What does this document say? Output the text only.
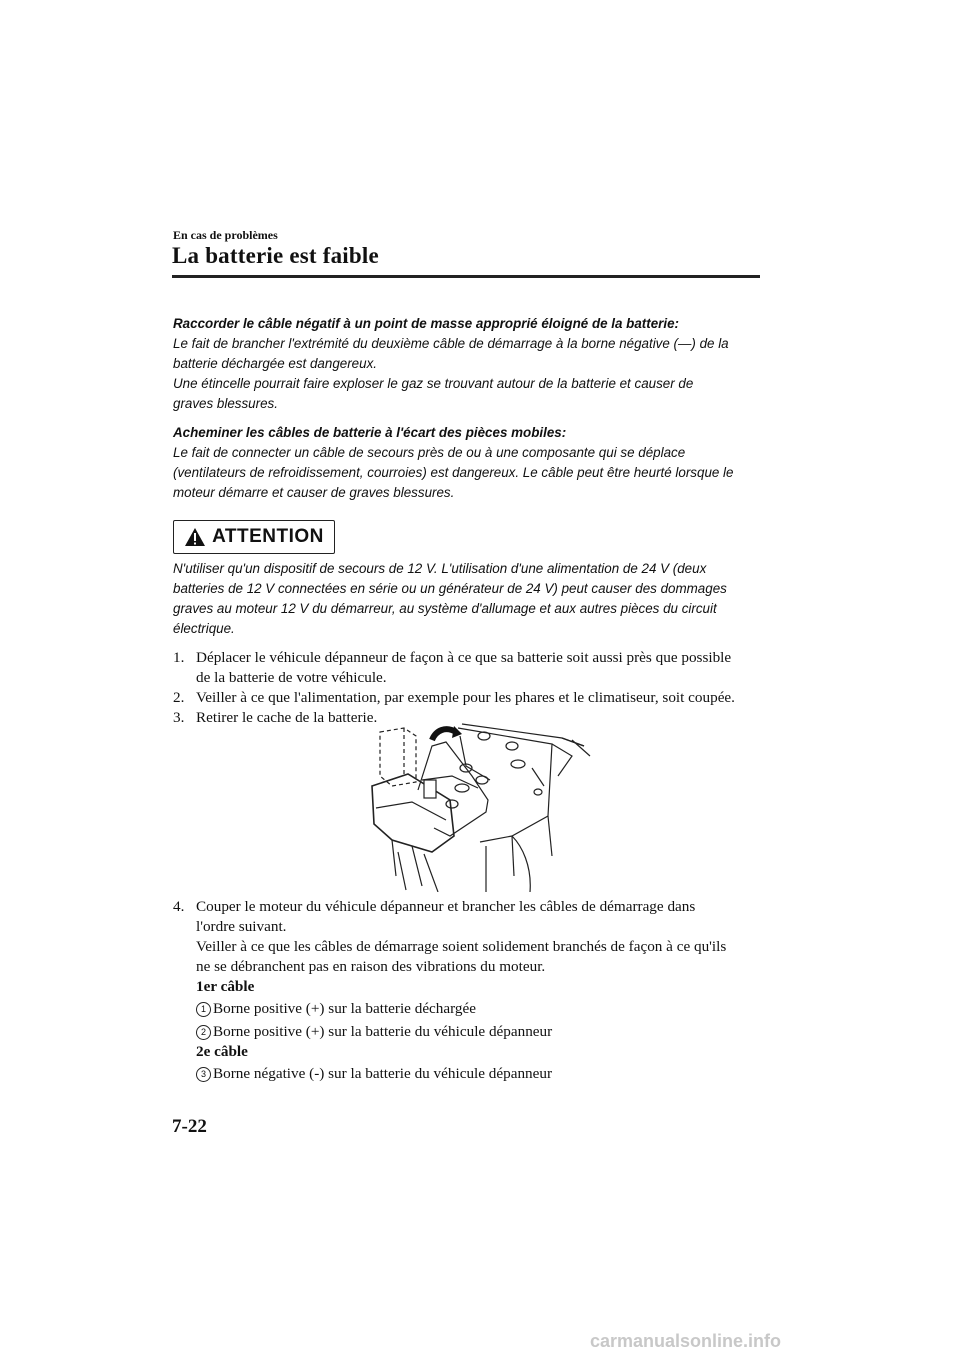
En cas de problèmes
La batterie est faible

Raccorder le câble négatif à un point de masse approprié éloigné de la batterie:

Le fait de brancher l'extrémité du deuxième câble de démarrage à la borne négative (—) de la

batterie déchargée est dangereux.

Une étincelle pourrait faire exploser le gaz se trouvant autour de la batterie et causer de

graves blessures.

Acheminer les câbles de batterie à l'écart des pièces mobiles:

Le fait de connecter un câble de secours près de ou à une composante qui se déplace

(ventilateurs de refroidissement, courroies) est dangereux. Le câble peut être heurté lorsque le

moteur démarre et causer de graves blessures.

ATTENTION

N'utiliser qu'un dispositif de secours de 12 V. L'utilisation d'une alimentation de 24 V (deux

batteries de 12 V connectées en série ou un générateur de 24 V) peut causer des dommages

graves au moteur 12 V du démarreur, au système d'allumage et aux autres pièces du circuit

électrique.

1. Déplacer le véhicule dépanneur de façon à ce que sa batterie soit aussi près que possible

de la batterie de votre véhicule.

2. Veiller à ce que l'alimentation, par exemple pour les phares et le climatiseur, soit coupée.

3. Retirer le cache de la batterie.

4. Couper le moteur du véhicule dépanneur et brancher les câbles de démarrage dans

l'ordre suivant.

Veiller à ce que les câbles de démarrage soient solidement branchés de façon à ce qu'ils

ne se débranchent pas en raison des vibrations du moteur.

1er câble

1 Borne positive (+) sur la batterie déchargée

2 Borne positive (+) sur la batterie du véhicule dépanneur

2e câble

3 Borne négative (-) sur la batterie du véhicule dépanneur

7-22
carmanualsonline.info
